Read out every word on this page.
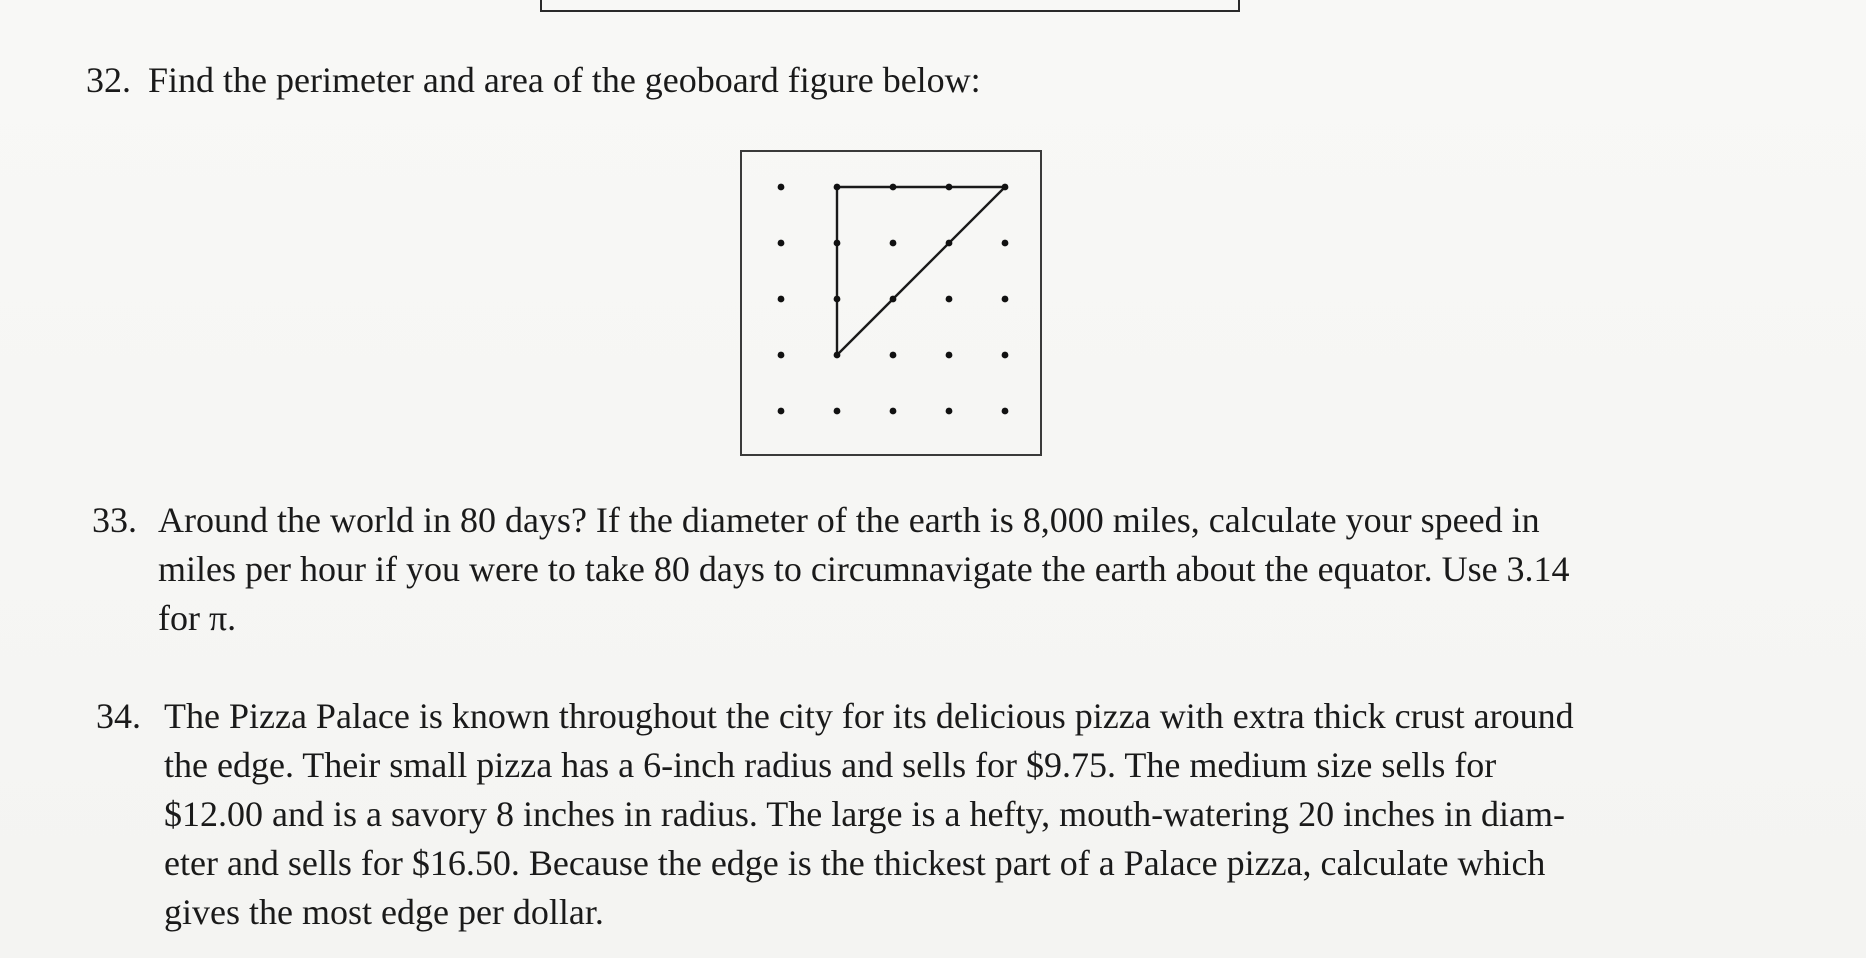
32. Find the perimeter and area of the geoboard figure below:
33. Around the world in 80 days? If the diameter of the earth is 8,000 miles, calculate your speed in
miles per hour if you were to take 80 days to circumnavigate the earth about the equator. Use 3.14
for π.
34. The Pizza Palace is known throughout the city for its delicious pizza with extra thick crust around
the edge. Their small pizza has a 6-inch radius and sells for $9.75. The medium size sells for
$12.00 and is a savory 8 inches in radius. The large is a hefty, mouth-watering 20 inches in diam-
eter and sells for $16.50. Because the edge is the thickest part of a Palace pizza, calculate which
gives the most edge per dollar.
